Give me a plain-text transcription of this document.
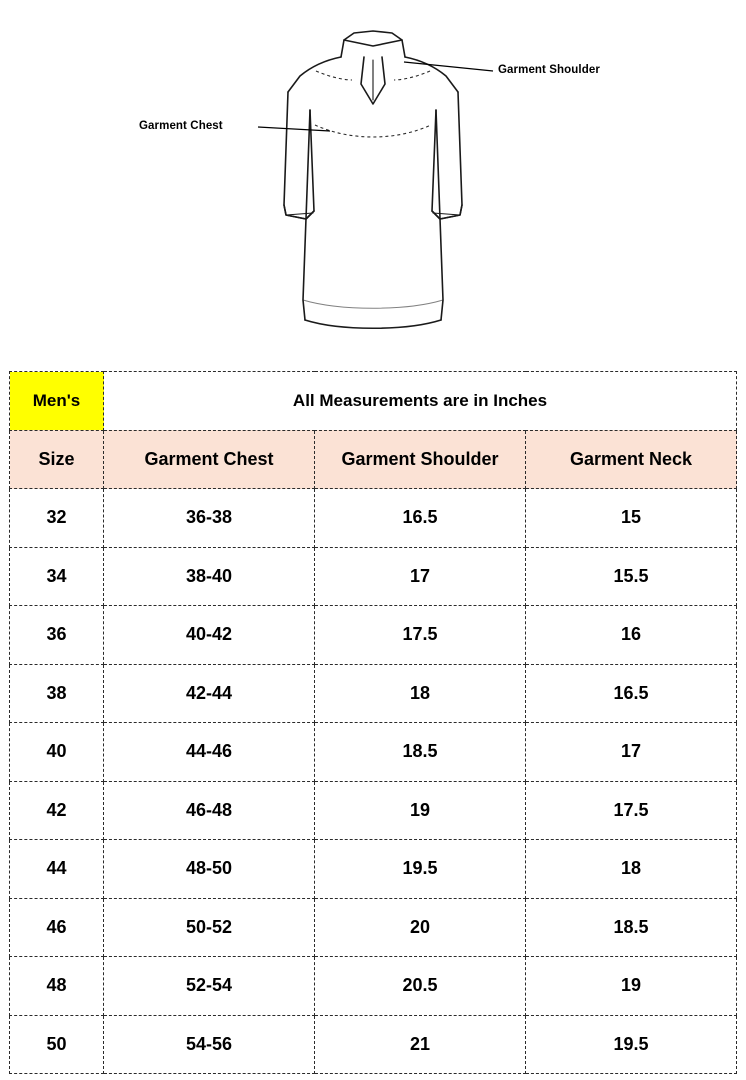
Garment Shoulder
Garment Chest
Men's	All Measurements are in Inches		
Size	Garment Chest	Garment Shoulder	Garment Neck
32	36-38	16.5	15
34	38-40	17	15.5
36	40-42	17.5	16
38	42-44	18	16.5
40	44-46	18.5	17
42	46-48	19	17.5
44	48-50	19.5	18
46	50-52	20	18.5
48	52-54	20.5	19
50	54-56	21	19.5
